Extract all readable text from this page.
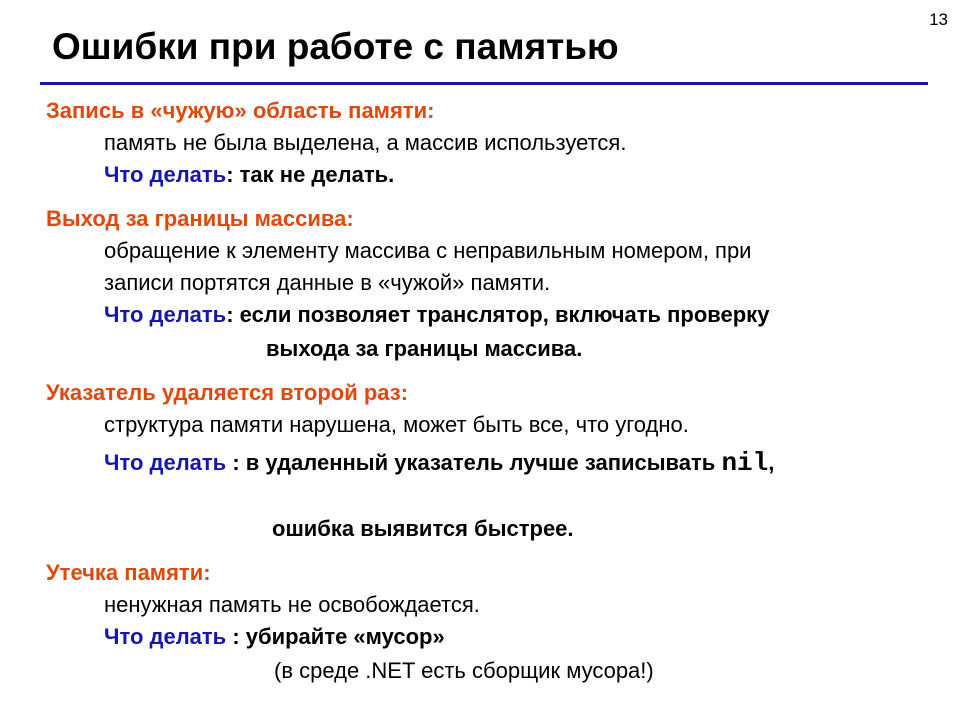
13
Ошибки при работе с памятью
Запись в «чужую» область памяти:
память не была выделена, а массив используется.
Что делать: так не делать.
Выход за границы массива:
обращение к элементу массива с неправильным номером, при
записи портятся данные в «чужой» памяти.
Что делать: если позволяет транслятор, включать проверку
выхода за границы массива.
Указатель удаляется второй раз:
структура памяти нарушена, может быть все, что угодно.
Что делать : в удаленный указатель лучше записывать nil,
ошибка выявится быстрее.
Утечка памяти:
ненужная память не освобождается.
Что делать : убирайте «мусор»
(в среде .NET есть сборщик мусора!)
